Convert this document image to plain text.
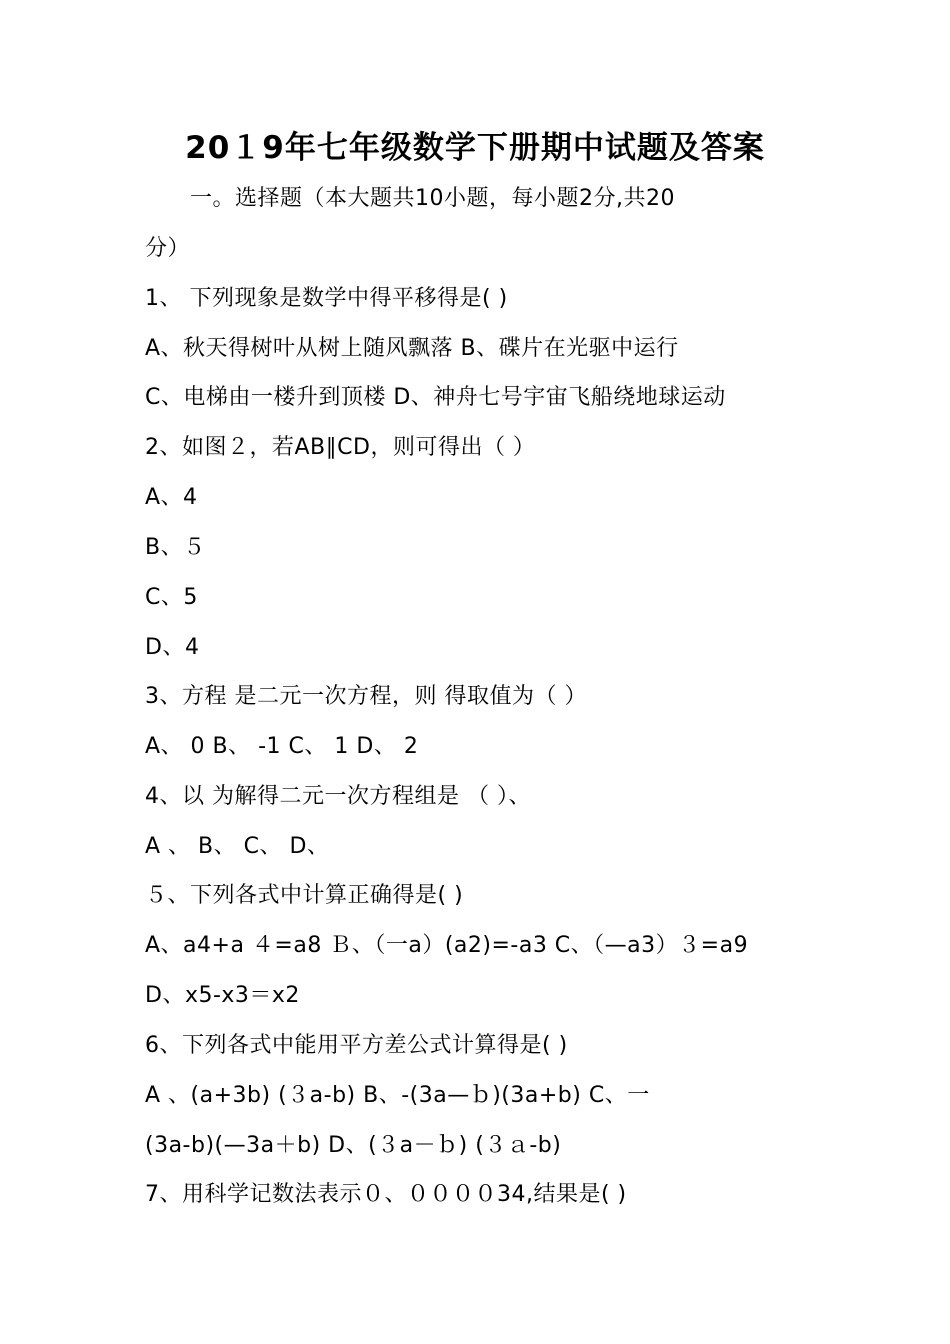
20１9年七年级数学下册期中试题及答案
一。选择题（本大题共10小题，每小题2分,共20
分）
1、 下列现象是数学中得平移得是( )
A、秋天得树叶从树上随风飘落 B、碟片在光驱中运行
C、电梯由一楼升到顶楼 D、神舟七号宇宙飞船绕地球运动
2、如图２，若AB∥CD，则可得出（ ）
A、4
B、５
C、5
D、4
3、方程 是二元一次方程，则 得取值为（ ）
A、 0 B、 -1 C、 1 D、 2
4、以 为解得二元一次方程组是 （ ）、
A 、 B、 C、 D、
５、下列各式中计算正确得是( )
A、a4+a ４=a8 Ｂ、（一a）(a2)=-a3 C、（—a3）３=a9
D、x5-x3＝x2
6、下列各式中能用平方差公式计算得是( )
A 、(a+3b) (３a-b) B、-(3a—ｂ)(3a+b) C、一
(3a-b)(—3a＋b) D、(３a－ｂ) (３ａ-b)
7、用科学记数法表示０、００００34,结果是( )
